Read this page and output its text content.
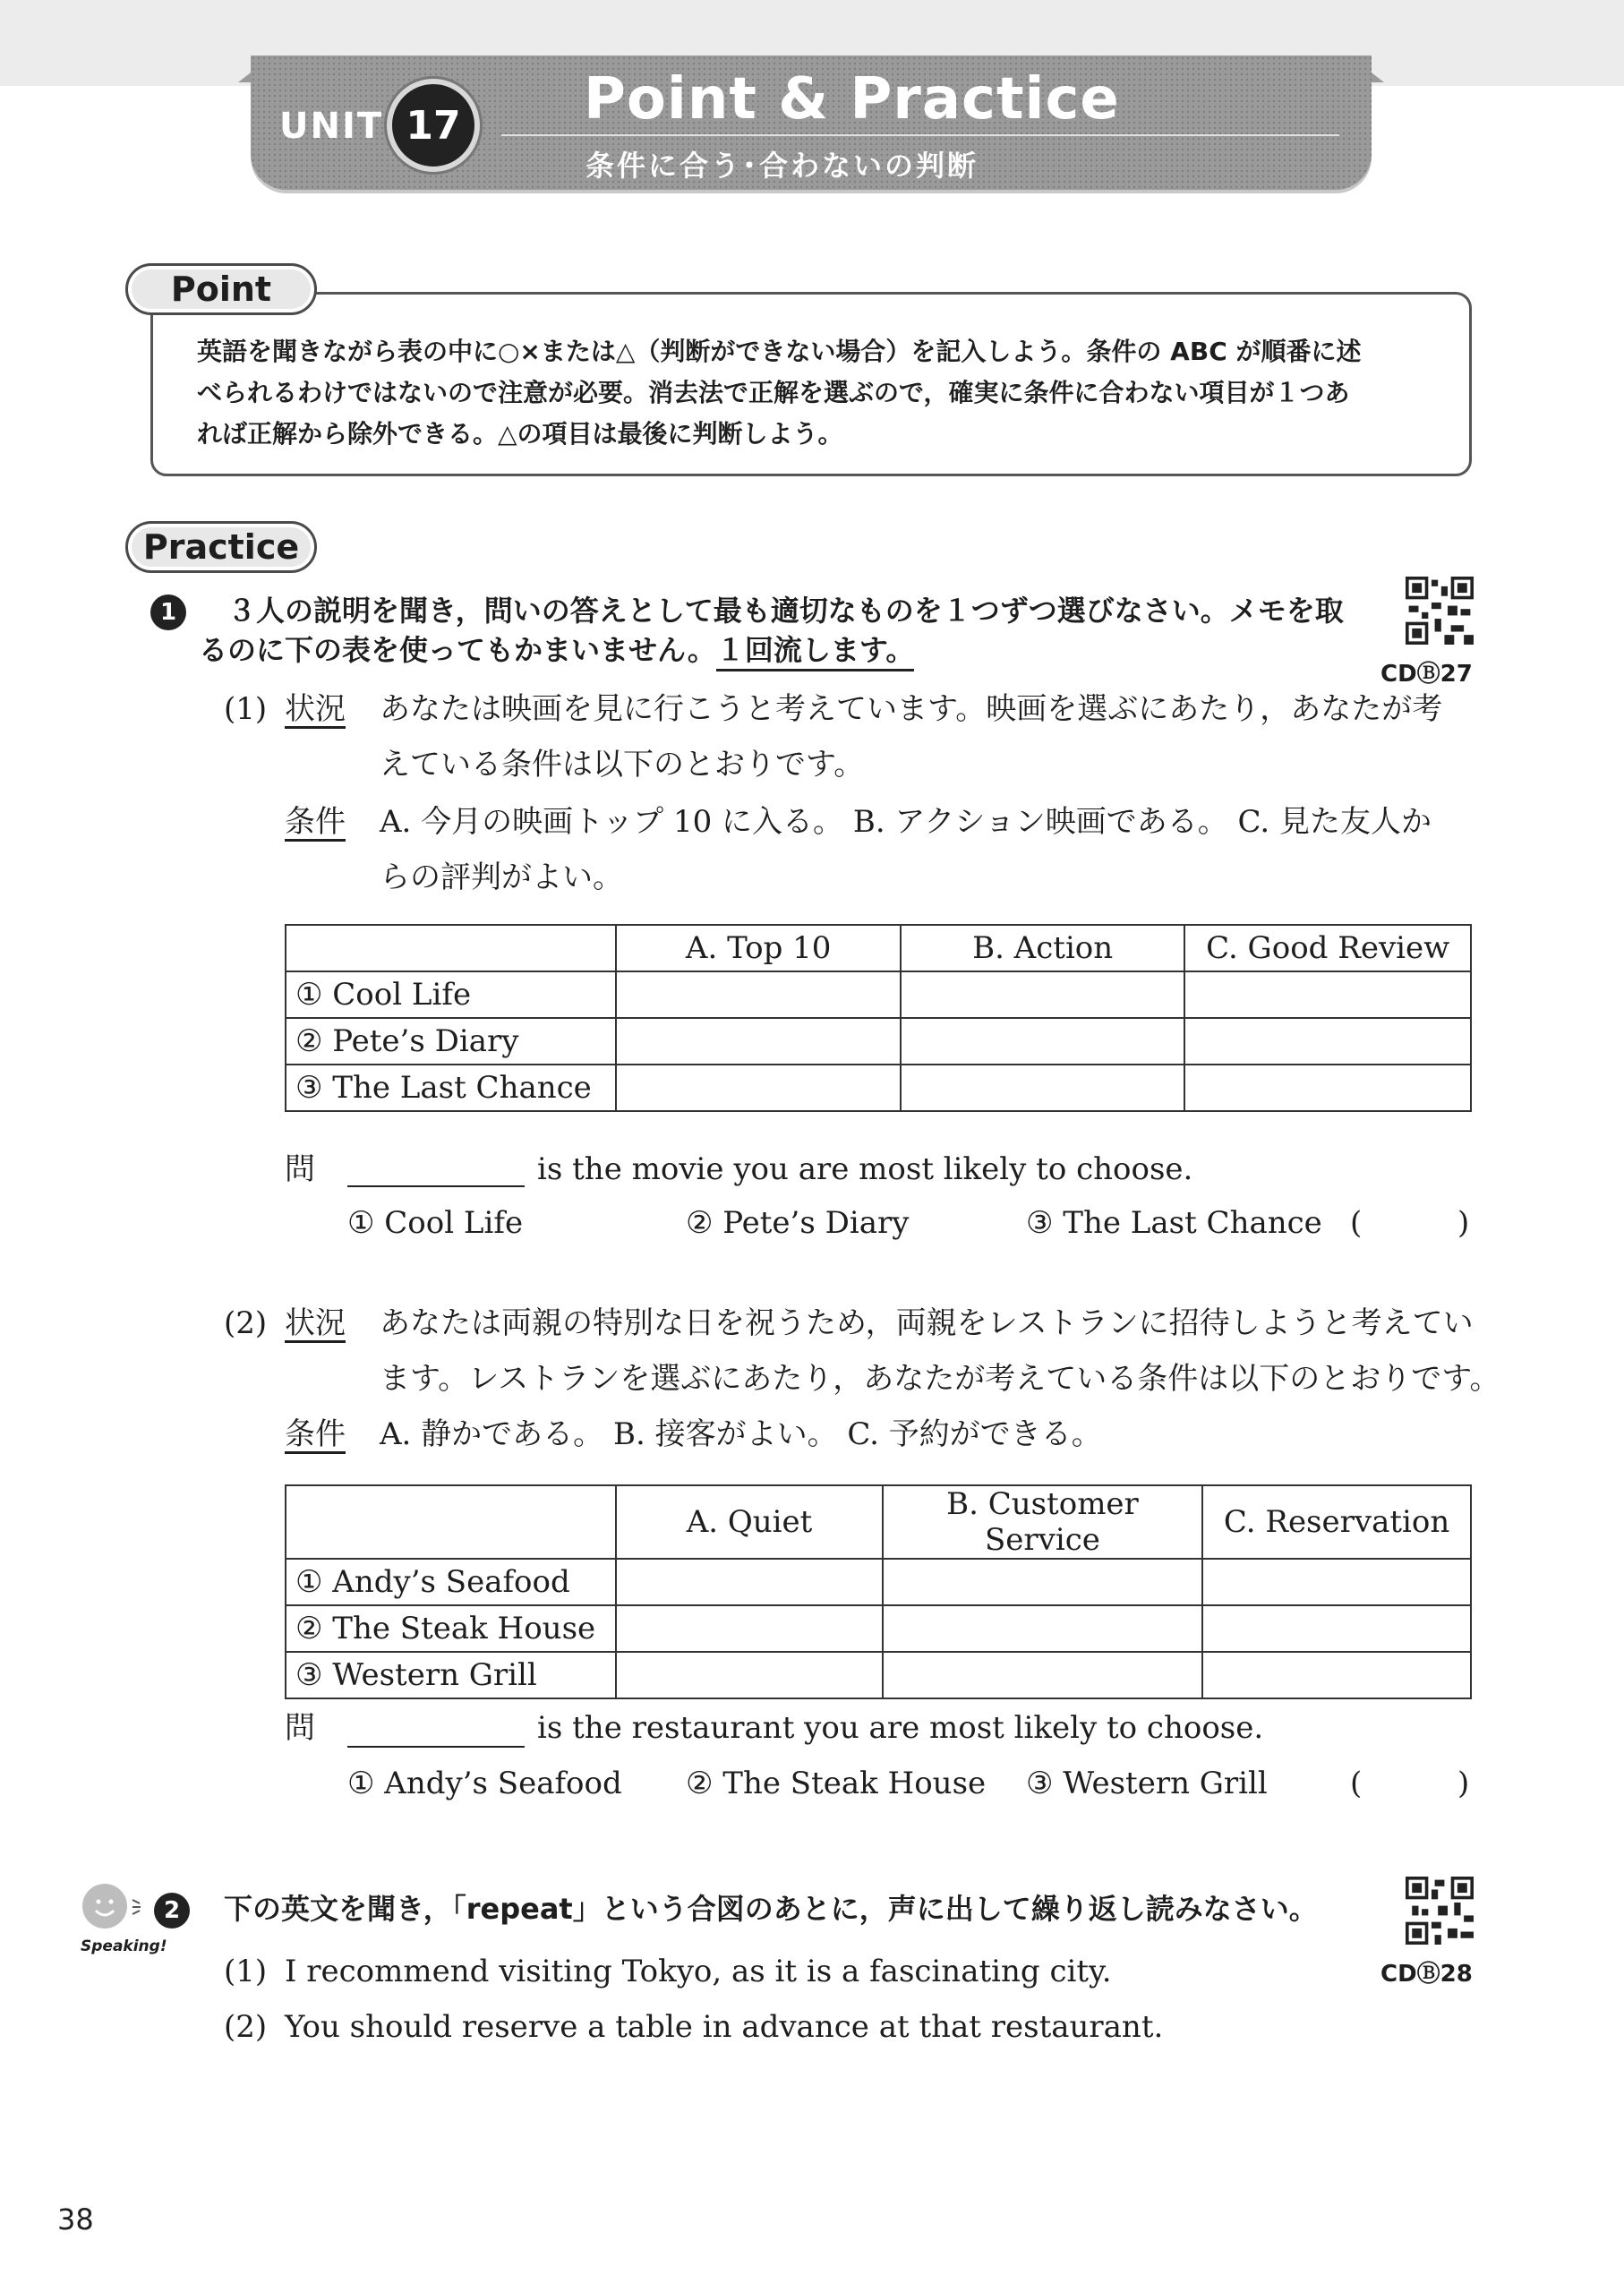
UNIT 17	Point & Practice
条件に合う･合わないの判断
Point
英語を聞きながら表の中に○×または△（判断ができない場合）を記入しよう。条件の ABC が順番に述
べられるわけではないので注意が必要。消去法で正解を選ぶので，確実に条件に合わない項目が１つあ
れば正解から除外できる。△の項目は最後に判断しよう。
Practice
1	３人の説明を聞き，問いの答えとして最も適切なものを１つずつ選びなさい。メモを取
るのに下の表を使ってもかまいません。１回流します。
CDⒷ27
(1) 状況 あなたは映画を見に行こうと考えています。映画を選ぶにあたり，あなたが考
えている条件は以下のとおりです。
条件 A. 今月の映画トップ 10 に入る。 B. アクション映画である。 C. 見た友人か
らの評判がよい。
	A. Top 10	B. Action	C. Good Review
① Cool Life			
② Pete’s Diary			
③ The Last Chance			
問	is the movie you are most likely to choose.
① Cool Life	② Pete’s Diary	③ The Last Chance (	)
(2) 状況 あなたは両親の特別な日を祝うため，両親をレストランに招待しようと考えてい
ます。レストランを選ぶにあたり，あなたが考えている条件は以下のとおりです。
条件 A. 静かである。 B. 接客がよい。 C. 予約ができる。
	A. Quiet	B. Customer Service	C. Reservation
① Andy’s Seafood			
② The Steak House			
③ Western Grill			
問	is the restaurant you are most likely to choose.
① Andy’s Seafood ② The Steak House ③ Western Grill	(	)
Speaking!
2	下の英文を聞き，「repeat」という合図のあとに，声に出して繰り返し読みなさい。
CDⒷ28
(1) I recommend visiting Tokyo, as it is a fascinating city.
(2) You should reserve a table in advance at that restaurant.
38
